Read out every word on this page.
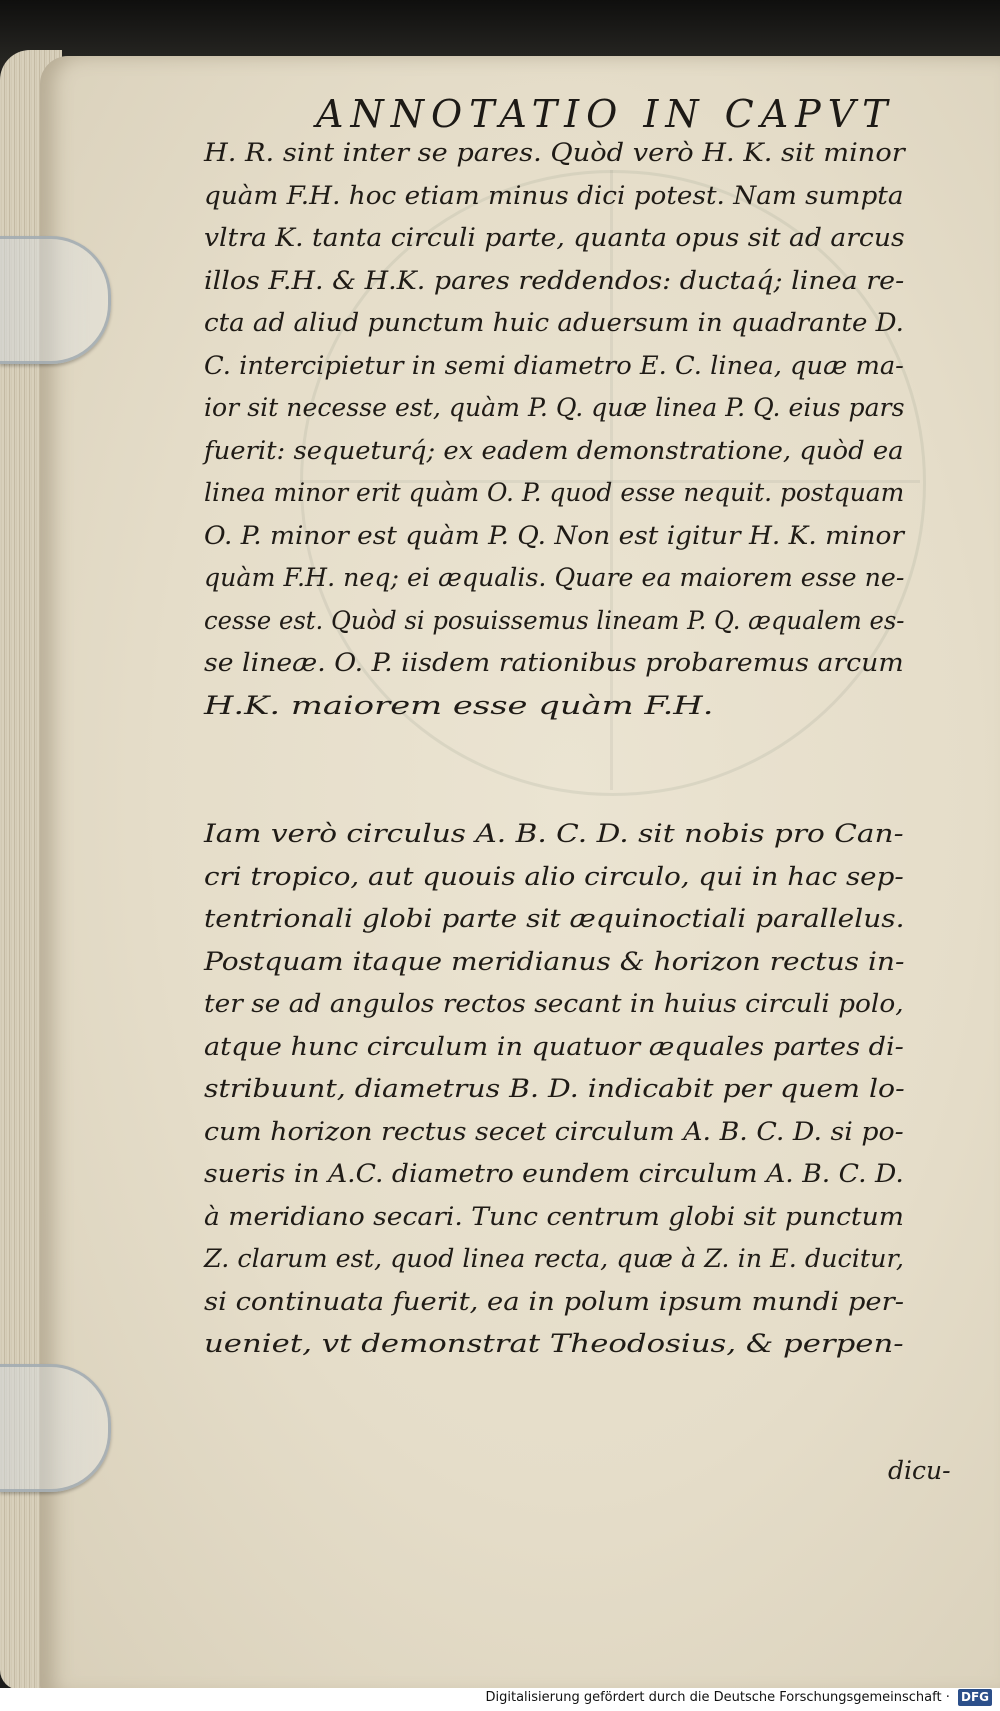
ANNOTATIO IN CAPVT
H. R. sint inter se pares. Quòd verò H. K. sit minor
quàm F.H. hoc etiam minus dici potest. Nam sumpta
vltra K. tanta circuli parte, quanta opus sit ad arcus
illos F.H. & H.K. pares reddendos: ductaq́; linea re-
cta ad aliud punctum huic aduersum in quadrante D.
C. intercipietur in semi diametro E. C. linea, quæ ma-
ior sit necesse est, quàm P. Q. quæ linea P. Q. eius pars
fuerit: sequeturq́; ex eadem demonstratione, quòd ea
linea minor erit quàm O. P. quod esse nequit. postquam
O. P. minor est quàm P. Q. Non est igitur H. K. minor
quàm F.H. neq; ei æqualis. Quare ea maiorem esse ne-
cesse est. Quòd si posuissemus lineam P. Q. æqualem es-
se lineæ. O. P. iisdem rationibus probaremus arcum
H.K. maiorem esse quàm F.H.
Iam verò circulus A. B. C. D. sit nobis pro Can-
cri tropico, aut quouis alio circulo, qui in hac sep-
tentrionali globi parte sit æquinoctiali parallelus.
Postquam itaque meridianus & horizon rectus in-
ter se ad angulos rectos secant in huius circuli polo,
atque hunc circulum in quatuor æquales partes di-
stribuunt, diametrus B. D. indicabit per quem lo-
cum horizon rectus secet circulum A. B. C. D. si po-
sueris in A.C. diametro eundem circulum A. B. C. D.
à meridiano secari. Tunc centrum globi sit punctum
Z. clarum est, quod linea recta, quæ à Z. in E. ducitur,
si continuata fuerit, ea in polum ipsum mundi per-
ueniet, vt demonstrat Theodosius, & perpen-
dicu-
Digitalisierung gefördert durch die Deutsche Forschungsgemeinschaft · DFG
